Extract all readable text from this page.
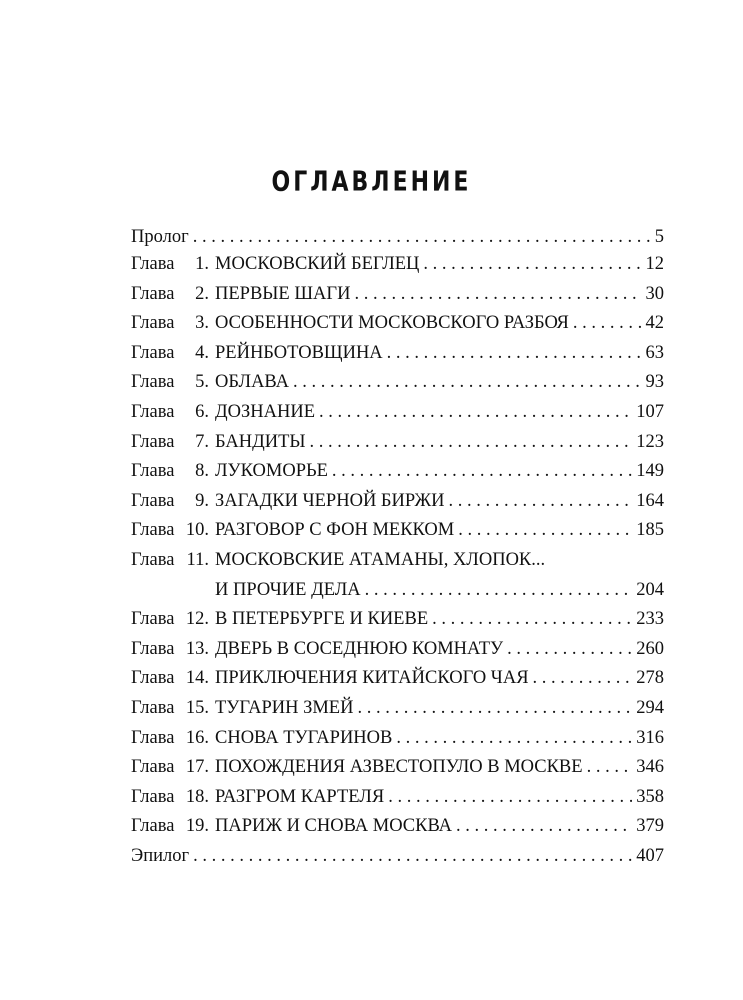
ОГЛАВЛЕНИЕ
Пролог . . .	5
Глава	1. МОСКОВСКИЙ БЕГЛЕЦ . . .	12
Глава	2. ПЕРВЫЕ ШАГИ . . .	30
Глава	3. ОСОБЕННОСТИ МОСКОВСКОГО РАЗБОЯ . . .	42
Глава	4. РЕЙНБОТОВЩИНА . . .	63
Глава	5. ОБЛАВА . . .	93
Глава	6. ДОЗНАНИЕ . . .	107
Глава	7. БАНДИТЫ . . .	123
Глава	8. ЛУКОМОРЬЕ . . .	149
Глава	9. ЗАГАДКИ ЧЕРНОЙ БИРЖИ . . .	164
Глава 10. РАЗГОВОР С ФОН МЕККОМ . . .	185
Глава 11. МОСКОВСКИЕ АТАМАНЫ, ХЛОПОК...
И ПРОЧИЕ ДЕЛА . . .	204
Глава 12. В ПЕТЕРБУРГЕ И КИЕВЕ . . .	233
Глава 13. ДВЕРЬ В СОСЕДНЮЮ КОМНАТУ . . .	260
Глава 14. ПРИКЛЮЧЕНИЯ КИТАЙСКОГО ЧАЯ . . .	278
Глава 15. ТУГАРИН ЗМЕЙ . . .	294
Глава 16. СНОВА ТУГАРИНОВ . . .	316
Глава 17. ПОХОЖДЕНИЯ АЗВЕСТОПУЛО В МОСКВЕ . . .	346
Глава 18. РАЗГРОМ КАРТЕЛЯ . . .	358
Глава 19. ПАРИЖ И СНОВА МОСКВА . . .	379
Эпилог . . .	407
